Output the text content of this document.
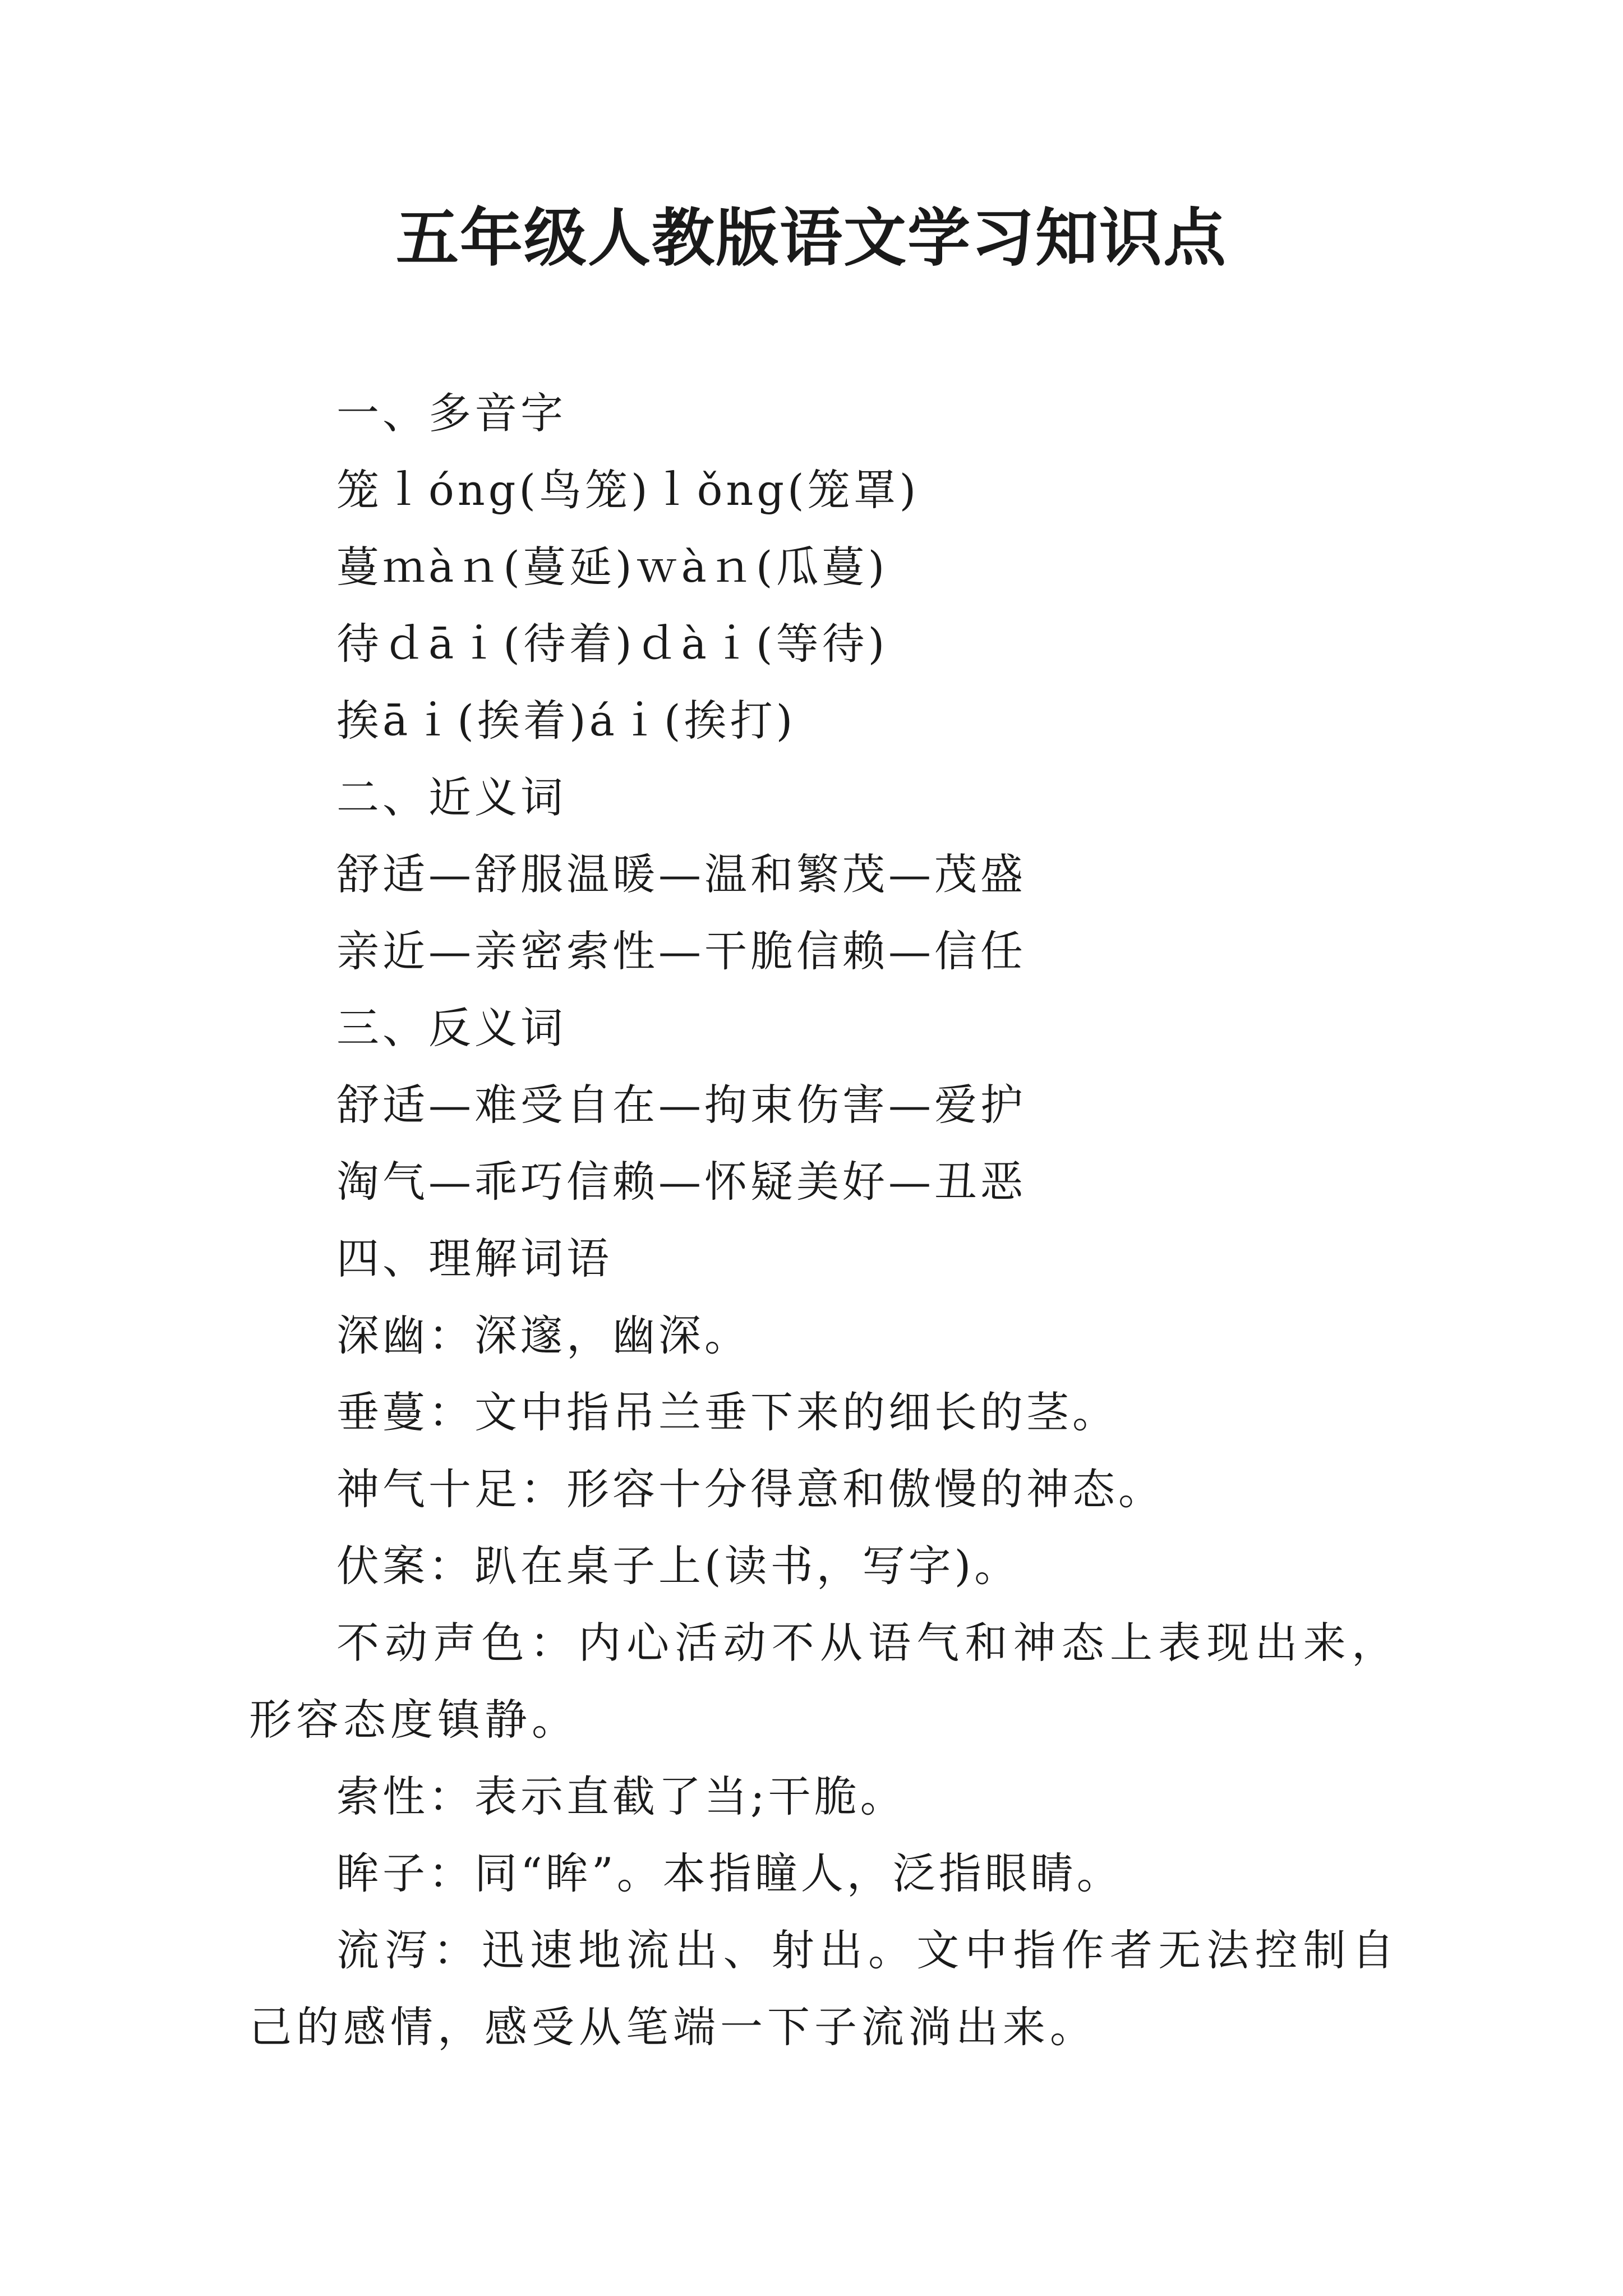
五年级人教版语文学习知识点
一、多音字
笼ｌóng(鸟笼)ｌǒng(笼罩)
蔓ｍàｎ(蔓延)ｗàｎ(瓜蔓)
待ｄāｉ(待着)ｄàｉ(等待)
挨āｉ(挨着)áｉ(挨打)
二、近义词
舒适—舒服温暖—温和繁茂—茂盛
亲近—亲密索性—干脆信赖—信任
三、反义词
舒适—难受自在—拘束伤害—爱护
淘气—乖巧信赖—怀疑美好—丑恶
四、理解词语
深幽：深邃，幽深。
垂蔓：文中指吊兰垂下来的细长的茎。
神气十足：形容十分得意和傲慢的神态。
伏案：趴在桌子上(读书，写字)。
不动声色：内心活动不从语气和神态上表现出来，形容态度镇静。
索性：表示直截了当;干脆。
眸子：同“眸”。本指瞳人，泛指眼睛。
流泻：迅速地流出、射出。文中指作者无法控制自己的感情，感受从笔端一下子流淌出来。
